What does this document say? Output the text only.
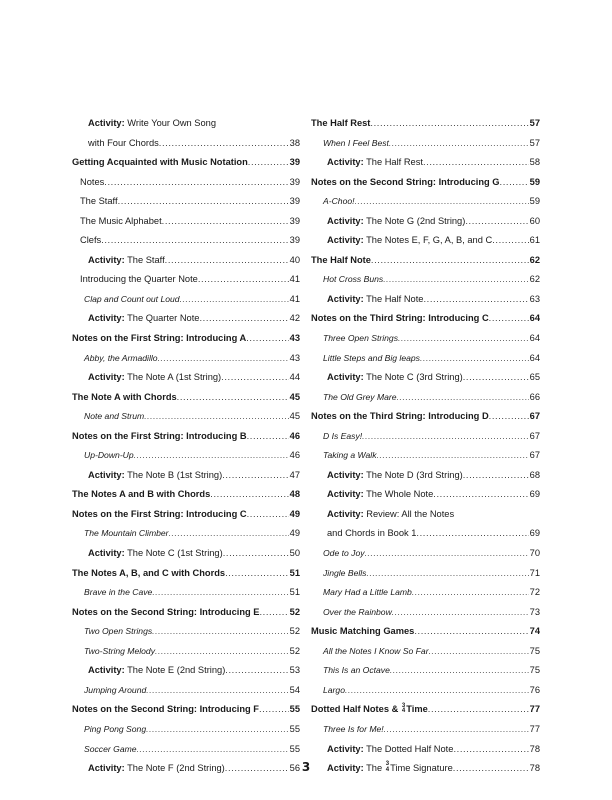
Activity: Write Your Own Song
with Four Chords .....	38
Getting Acquainted with Music Notation .....	39
Notes .....	39
The Staff .....	39
The Music Alphabet .....	39
Clefs .....	39
Activity: The Staff .....	40
Introducing the Quarter Note .....	41
Clap and Count out Loud .....	41
Activity: The Quarter Note .....	42
Notes on the First String: Introducing A .....	43
Abby, the Armadillo .....	43
Activity: The Note A (1st String) .....	44
The Note A with Chords .....	45
Note and Strum .....	45
Notes on the First String: Introducing B .....	46
Up-Down-Up .....	46
Activity: The Note B (1st String) .....	47
The Notes A and B with Chords .....	48
Notes on the First String: Introducing C .....	49
The Mountain Climber .....	49
Activity: The Note C (1st String) .....	50
The Notes A, B, and C with Chords .....	51
Brave in the Cave .....	51
Notes on the Second String: Introducing E .....	52
Two Open Strings .....	52
Two-String Melody .....	52
Activity: The Note E (2nd String) .....	53
Jumping Around .....	54
Notes on the Second String: Introducing F .....	55
Ping Pong Song .....	55
Soccer Game .....	55
Activity: The Note F (2nd String) .....	56
The Half Rest .....	57
When I Feel Best .....	57
Activity: The Half Rest .....	58
Notes on the Second String: Introducing G .....	59
A-Choo! .....	59
Activity: The Note G (2nd String) .....	60
Activity: The Notes E, F, G, A, B, and C .....	61
The Half Note .....	62
Hot Cross Buns .....	62
Activity: The Half Note .....	63
Notes on the Third String: Introducing C .....	64
Three Open Strings .....	64
Little Steps and Big leaps .....	64
Activity: The Note C (3rd String) .....	65
The Old Grey Mare .....	66
Notes on the Third String: Introducing D .....	67
D Is Easy! .....	67
Taking a Walk .....	67
Activity: The Note D (3rd String) .....	68
Activity: The Whole Note .....	69
Activity: Review: All the Notes
and Chords in Book 1 .....	69
Ode to Joy .....	70
Jingle Bells .....	71
Mary Had a Little Lamb .....	72
Over the Rainbow .....	73
Music Matching Games .....	74
All the Notes I Know So Far .....	75
This Is an Octave .....	75
Largo .....	76
Dotted Half Notes & 3
4 Time .....	77
Three Is for Me! .....	77
Activity: The Dotted Half Note .....	78
Activity: The 3
4 Time Signature .....	78
3
